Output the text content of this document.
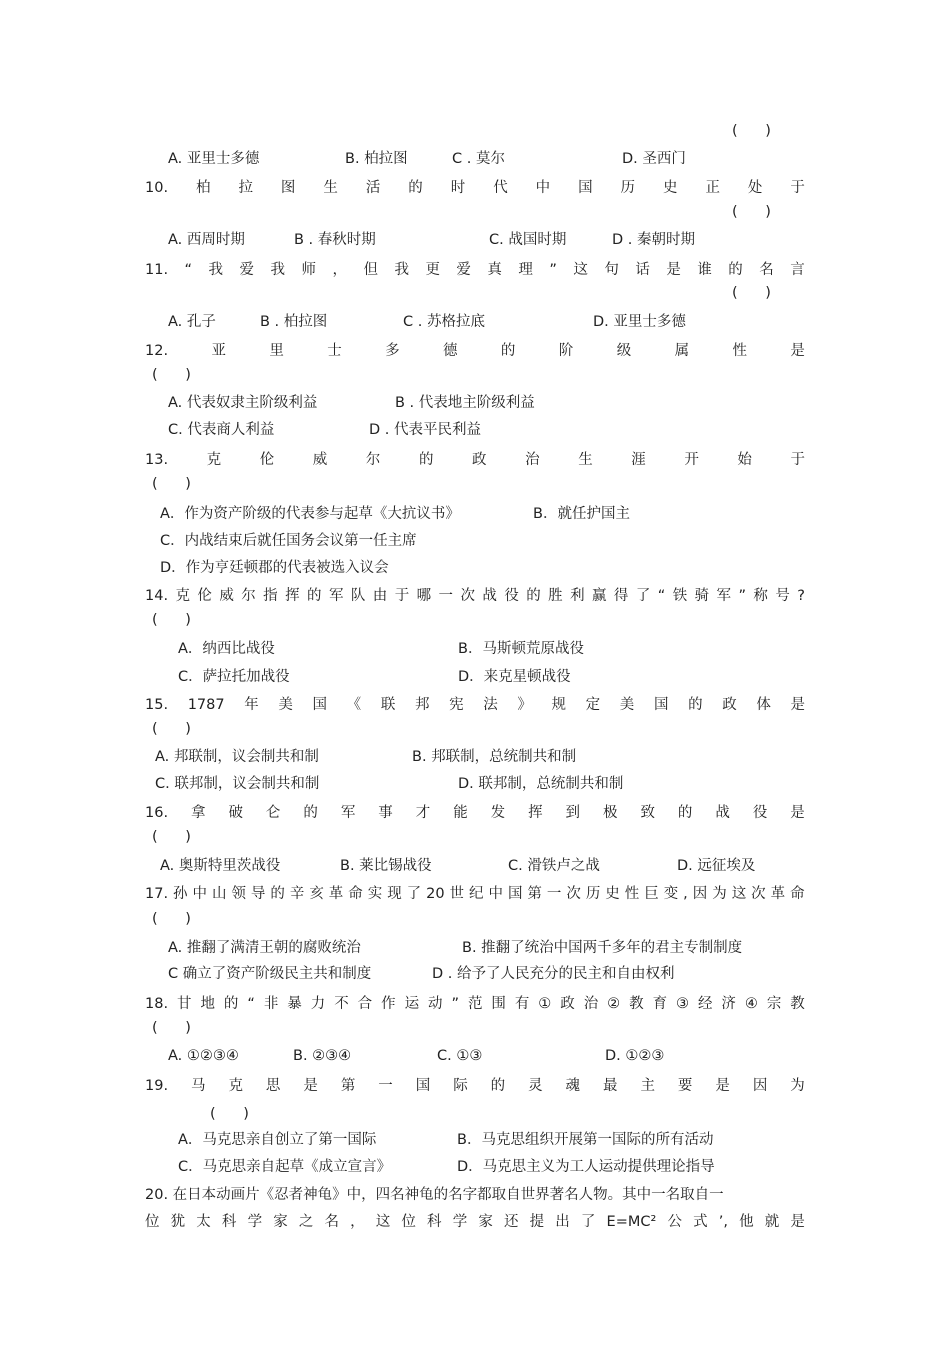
(      )
A. 亚里士多德	B. 柏拉图	C . 莫尔	D. 圣西门
10. 柏 拉 图 生 活 的 时 代 中 国 历 史 正 处 于
(      )
A. 西周时期	B . 春秋时期	C. 战国时期	D . 秦朝时期
11. “ 我 爱 我 师 ， 但 我 更 爱 真 理 ” 这 句 话 是 谁 的 名 言
(      )
A. 孔子	B . 柏拉图	C . 苏格拉底	D. 亚里士多德
12.	亚	里	士	多	德	的	阶	级	属	性	是
(      )
A. 代表奴隶主阶级利益	B . 代表地主阶级利益
C. 代表商人利益	D . 代表平民利益
13.	克	伦	威	尔	的	政	治	生	涯	开	始	于
(      )
A．作为资产阶级的代表参与起草《大抗议书》	B．就任护国主
C．内战结束后就任国务会议第一任主席
D．作为亨廷顿郡的代表被选入议会
14. 克 伦 威 尔 指 挥 的 军 队 由 于 哪 一 次 战 役 的 胜 利 赢 得 了 “ 铁 骑 军 ” 称 号 ?
(      )
A．纳西比战役	B．马斯顿荒原战役
C．萨拉托加战役	D．来克星顿战役
15. 1787 年 美 国 《 联 邦 宪 法 》 规 定 美 国 的 政 体 是
(      )
A. 邦联制，议会制共和制	B. 邦联制，总统制共和制
C. 联邦制，议会制共和制	D. 联邦制，总统制共和制
16. 拿 破 仑 的 军 事 才 能 发 挥 到 极 致 的 战 役 是
(      )
A. 奥斯特里茨战役	B. 莱比锡战役	C. 滑铁卢之战	D. 远征埃及
17. 孙 中 山 领 导 的 辛 亥 革 命 实 现 了 20 世 纪 中 国 第 一 次 历 史 性 巨 变 , 因 为 这 次 革 命
(      )
A. 推翻了满清王朝的腐败统治	B. 推翻了统治中国两千多年的君主专制制度
C 确立了资产阶级民主共和制度	D . 给予了人民充分的民主和自由权利
18. 甘 地 的 “ 非 暴 力 不 合 作 运 动 ” 范 围 有 ① 政 治 ② 教 育 ③ 经 济 ④ 宗 教
(      )
A. ①②③④	B. ②③④	C. ①③	D. ①②③
19. 马 克 思 是 第 一 国 际 的 灵 魂 最 主 要 是 因 为
(      )
A．马克思亲自创立了第一国际	B．马克思组织开展第一国际的所有活动
C．马克思亲自起草《成立宣言》	D．马克思主义为工人运动提供理论指导
20. 在日本动画片《忍者神龟》中，四名神龟的名字都取自世界著名人物。其中一名取自一
位 犹 太 科 学 家 之 名 ， 这 位 科 学 家 还 提 出 了 E=MC² 公 式 ’, 他 就 是
